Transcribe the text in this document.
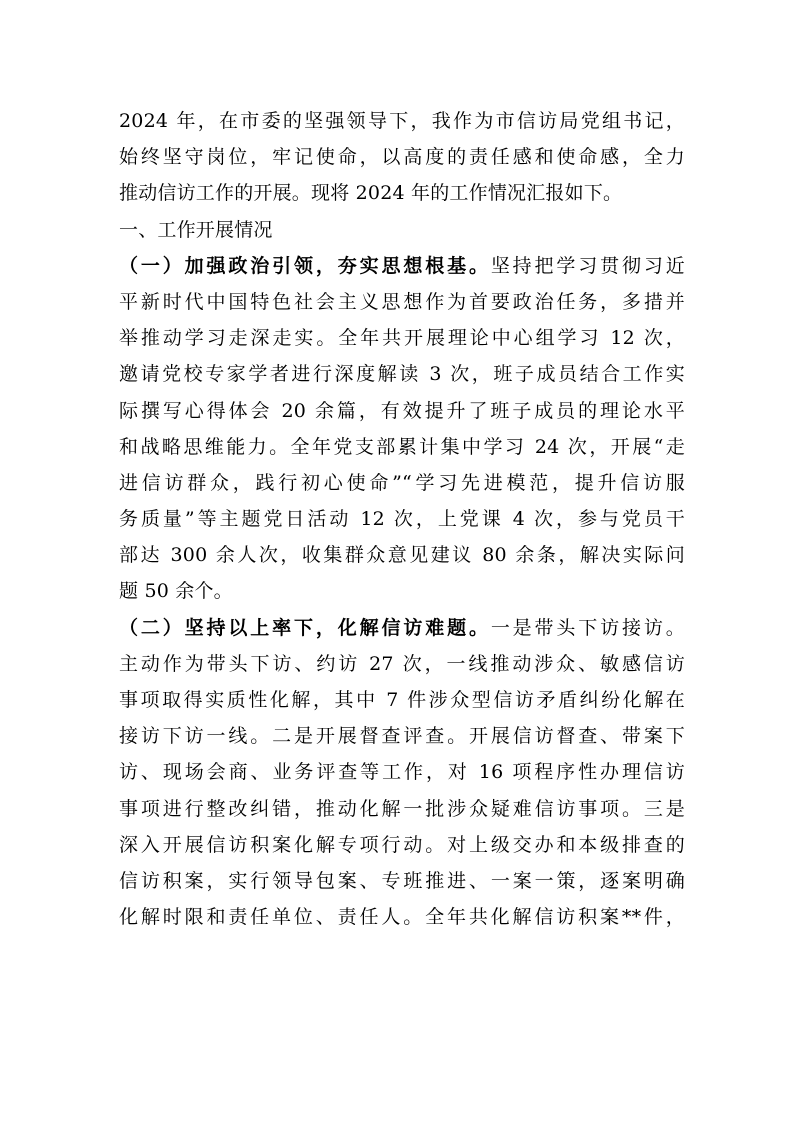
2024 年，在市委的坚强领导下，我作为市信访局党组书记，
始终坚守岗位，牢记使命，以高度的责任感和使命感，全力
推动信访工作的开展。现将 2024 年的工作情况汇报如下。
一、工作开展情况
（一）加强政治引领，夯实思想根基。坚持把学习贯彻习近
平新时代中国特色社会主义思想作为首要政治任务，多措并
举推动学习走深走实。全年共开展理论中心组学习 12 次，
邀请党校专家学者进行深度解读 3 次，班子成员结合工作实
际撰写心得体会 20 余篇，有效提升了班子成员的理论水平
和战略思维能力。全年党支部累计集中学习 24 次，开展“走
进信访群众，践行初心使命”“学习先进模范，提升信访服
务质量”等主题党日活动 12 次，上党课 4 次，参与党员干
部达 300 余人次，收集群众意见建议 80 余条，解决实际问
题 50 余个。
（二）坚持以上率下，化解信访难题。一是带头下访接访。
主动作为带头下访、约访 27 次，一线推动涉众、敏感信访
事项取得实质性化解，其中 7 件涉众型信访矛盾纠纷化解在
接访下访一线。二是开展督查评查。开展信访督查、带案下
访、现场会商、业务评查等工作，对 16 项程序性办理信访
事项进行整改纠错，推动化解一批涉众疑难信访事项。三是
深入开展信访积案化解专项行动。对上级交办和本级排查的
信访积案，实行领导包案、专班推进、一案一策，逐案明确
化解时限和责任单位、责任人。全年共化解信访积案**件，
